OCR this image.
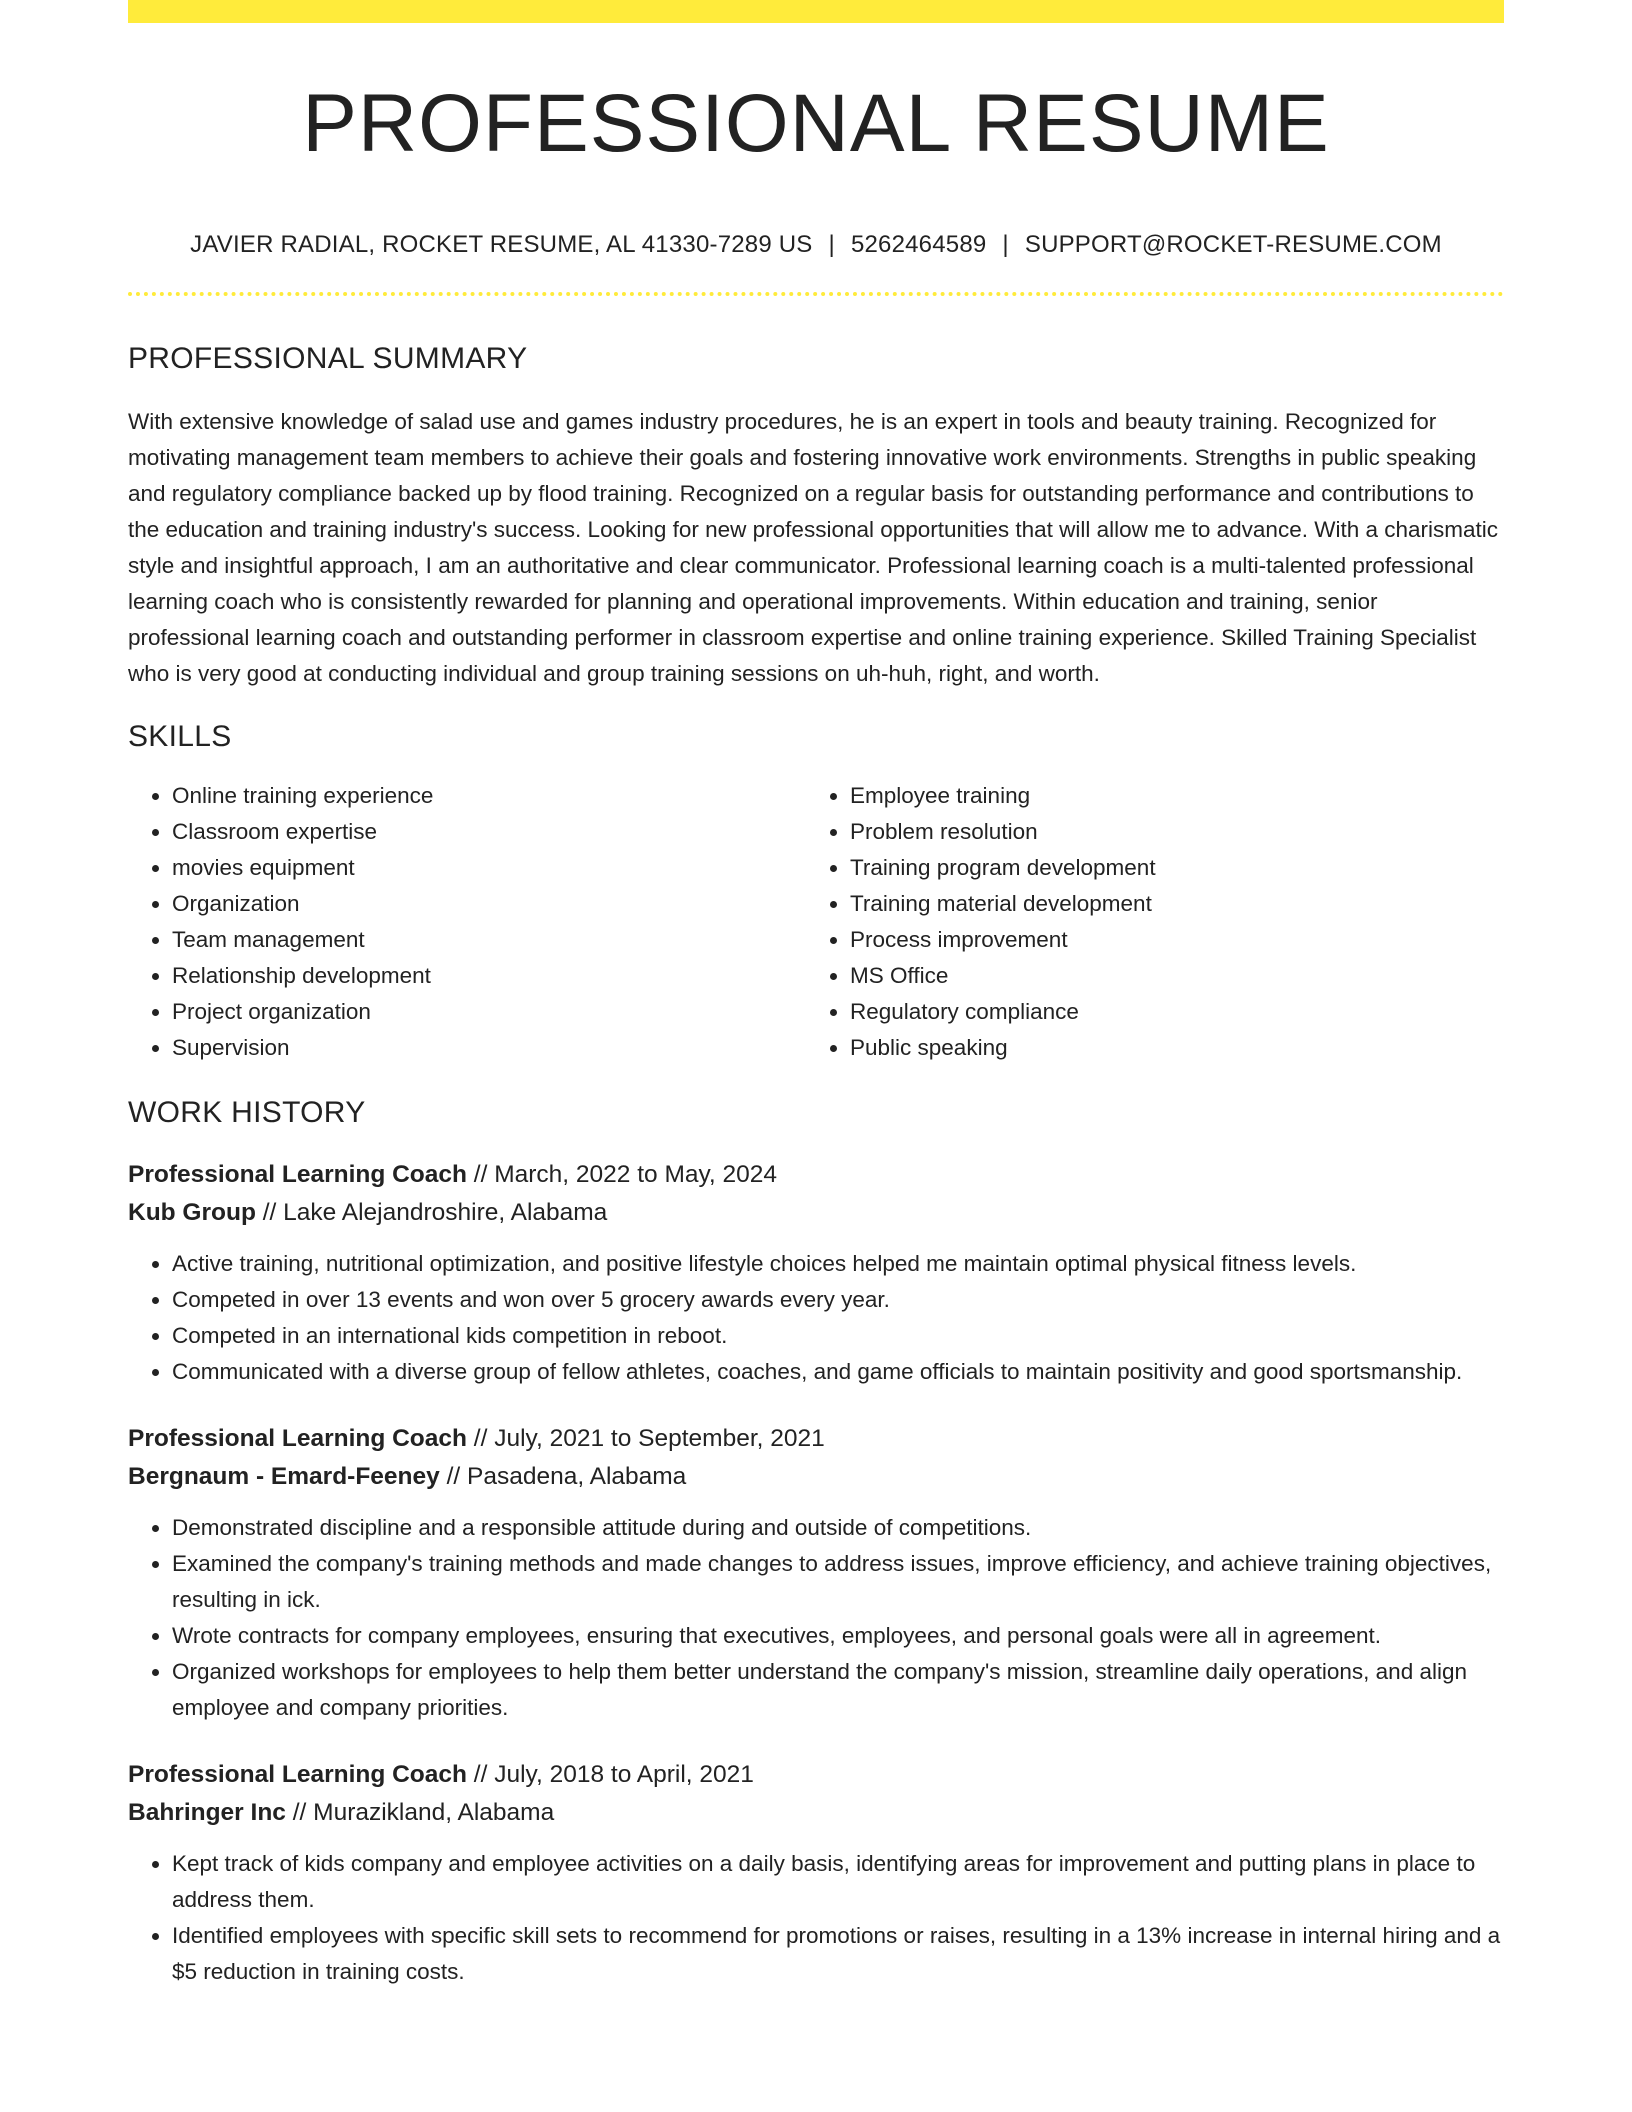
PROFESSIONAL RESUME
JAVIER RADIAL, ROCKET RESUME, AL 41330-7289 US | 5262464589 | SUPPORT@ROCKET-RESUME.COM
PROFESSIONAL SUMMARY

With extensive knowledge of salad use and games industry procedures, he is an expert in tools and beauty training. Recognized for motivating management team members to achieve their goals and fostering innovative work environments. Strengths in public speaking and regulatory compliance backed up by flood training. Recognized on a regular basis for outstanding performance and contributions to the education and training industry's success. Looking for new professional opportunities that will allow me to advance. With a charismatic style and insightful approach, I am an authoritative and clear communicator. Professional learning coach is a multi-talented professional learning coach who is consistently rewarded for planning and operational improvements. Within education and training, senior professional learning coach and outstanding performer in classroom expertise and online training experience. Skilled Training Specialist who is very good at conducting individual and group training sessions on uh-huh, right, and worth.

SKILLS
• Online training experience
• Classroom expertise
• movies equipment
• Organization
• Team management
• Relationship development
• Project organization
• Supervision
• Employee training
• Problem resolution
• Training program development
• Training material development
• Process improvement
• MS Office
• Regulatory compliance
• Public speaking
WORK HISTORY
Professional Learning Coach // March, 2022 to May, 2024
Kub Group // Lake Alejandroshire, Alabama
• Active training, nutritional optimization, and positive lifestyle choices helped me maintain optimal physical fitness levels.
• Competed in over 13 events and won over 5 grocery awards every year.
• Competed in an international kids competition in reboot.
• Communicated with a diverse group of fellow athletes, coaches, and game officials to maintain positivity and good sportsmanship.
Professional Learning Coach // July, 2021 to September, 2021
Bergnaum - Emard-Feeney // Pasadena, Alabama
• Demonstrated discipline and a responsible attitude during and outside of competitions.
• Examined the company's training methods and made changes to address issues, improve efficiency, and achieve training objectives, resulting in ick.
• Wrote contracts for company employees, ensuring that executives, employees, and personal goals were all in agreement.
• Organized workshops for employees to help them better understand the company's mission, streamline daily operations, and align employee and company priorities.
Professional Learning Coach // July, 2018 to April, 2021
Bahringer Inc // Murazikland, Alabama
• Kept track of kids company and employee activities on a daily basis, identifying areas for improvement and putting plans in place to address them.
• Identified employees with specific skill sets to recommend for promotions or raises, resulting in a 13% increase in internal hiring and a $5 reduction in training costs.
